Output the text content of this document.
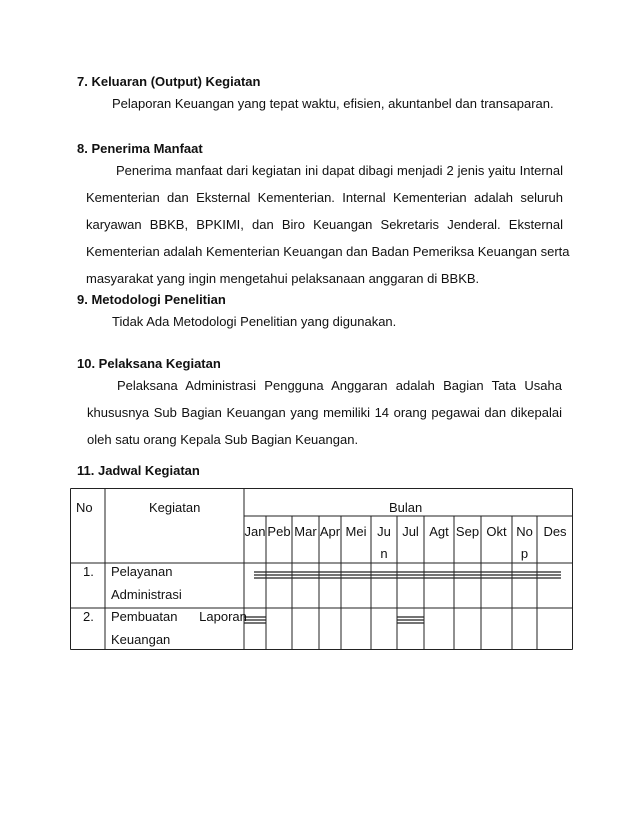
7. Keluaran (Output) Kegiatan

Pelaporan Keuangan yang tepat waktu, efisien, akuntanbel dan transaparan.

8. Penerima Manfaat

Penerima manfaat dari kegiatan ini dapat dibagi menjadi 2 jenis yaitu Internal
Kementerian dan Eksternal Kementerian. Internal Kementerian adalah seluruh
karyawan BBKB, BPKIMI, dan Biro Keuangan Sekretaris Jenderal. Eksternal
Kementerian adalah Kementerian Keuangan dan Badan Pemeriksa Keuangan serta
masyarakat yang ingin mengetahui pelaksanaan anggaran di BBKB.

9. Metodologi Penelitian

Tidak Ada Metodologi Penelitian yang digunakan.

10. Pelaksana Kegiatan

Pelaksana Administrasi Pengguna Anggaran adalah Bagian Tata Usaha
khususnya Sub Bagian Keuangan yang memiliki 14 orang pegawai dan dikepalai
oleh satu orang Kepala Sub Bagian Keuangan.

11. Jadwal Kegiatan

No	Kegiatan	Bulan
Jan Peb Mar Apr Mei Ju
n
Jul Agt Sep Okt No
p
Des
1. Pelayanan
Administrasi
2. Pembuatan      Laporan
Keuangan
